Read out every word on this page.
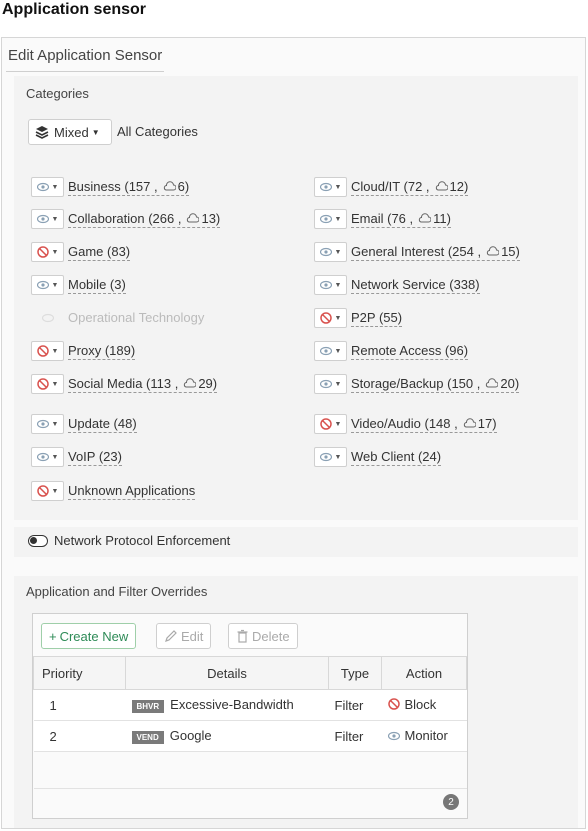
Application sensor
Edit Application Sensor
Categories
Mixed ▼ All Categories
▼ Business (157 , 6)
▼ Collaboration (266 , 13)
▼ Game (83)
▼ Mobile (3)
Operational Technology
▼ Proxy (189)
▼ Social Media (113 , 29)
▼ Update (48)
▼ VoIP (23)
▼ Unknown Applications
▼ Cloud/IT (72 , 12)
▼ Email (76 , 11)
▼ General Interest (254 , 15)
▼ Network Service (338)
▼ P2P (55)
▼ Remote Access (96)
▼ Storage/Backup (150 , 20)
▼ Video/Audio (148 , 17)
▼ Web Client (24)
Network Protocol Enforcement
Application and Filter Overrides
+ Create New	Edit	Delete
Priority	Details	Type	Action
1	BHVR Excessive-Bandwidth	Filter	Block

2	VEND Google	Filter	Monitor

2
